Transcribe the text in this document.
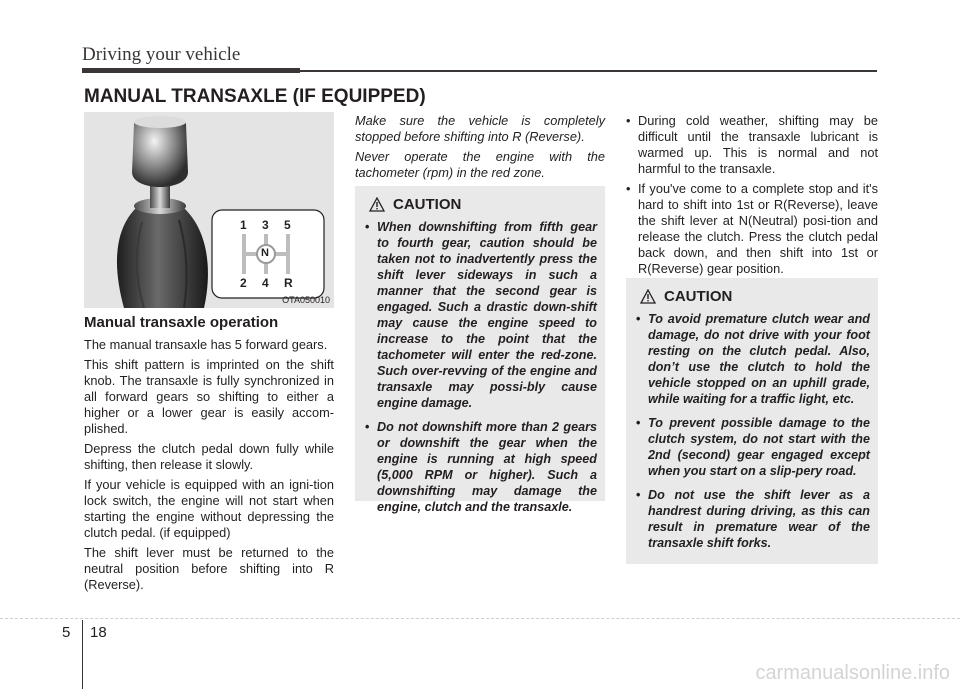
Driving your vehicle
MANUAL TRANSAXLE (IF EQUIPPED)
1 3 5
N
2 4 R
OTA050010
Manual transaxle operation

The manual transaxle has 5 forward gears.

This shift pattern is imprinted on the shift knob. The transaxle is fully synchronized in all forward gears so shifting to either a higher or a lower gear is easily accom-plished.

Depress the clutch pedal down fully while shifting, then release it slowly.

If your vehicle is equipped with an igni-tion lock switch, the engine will not start when starting the engine without depressing the clutch pedal. (if equipped)

The shift lever must be returned to the neutral position before shifting into R (Reverse).

Make sure the vehicle is completely stopped before shifting into R (Reverse).

Never operate the engine with the tachometer (rpm) in the red zone.

CAUTION
• When downshifting from fifth gear to fourth gear, caution should be taken not to inadvertently press the shift lever sideways in such a manner that the second gear is engaged. Such a drastic down-shift may cause the engine speed to increase to the point that the tachometer will enter the red-zone. Such over-revving of the engine and transaxle may possi-bly cause engine damage.
• Do not downshift more than 2 gears or downshift the gear when the engine is running at high speed (5,000 RPM or higher). Such a downshifting may damage the engine, clutch and the transaxle.
• During cold weather, shifting may be difficult until the transaxle lubricant is warmed up. This is normal and not harmful to the transaxle.
• If you've come to a complete stop and it's hard to shift into 1st or R(Reverse), leave the shift lever at N(Neutral) posi-tion and release the clutch. Press the clutch pedal back down, and then shift into 1st or R(Reverse) gear position.
CAUTION
• To avoid premature clutch wear and damage, do not drive with your foot resting on the clutch pedal. Also, don’t use the clutch to hold the vehicle stopped on an uphill grade, while waiting for a traffic light, etc.
• To prevent possible damage to the clutch system, do not start with the 2nd (second) gear engaged except when you start on a slip-pery road.
• Do not use the shift lever as a handrest during driving, as this can result in premature wear of the transaxle shift forks.
5 18
carmanualsonline.info
